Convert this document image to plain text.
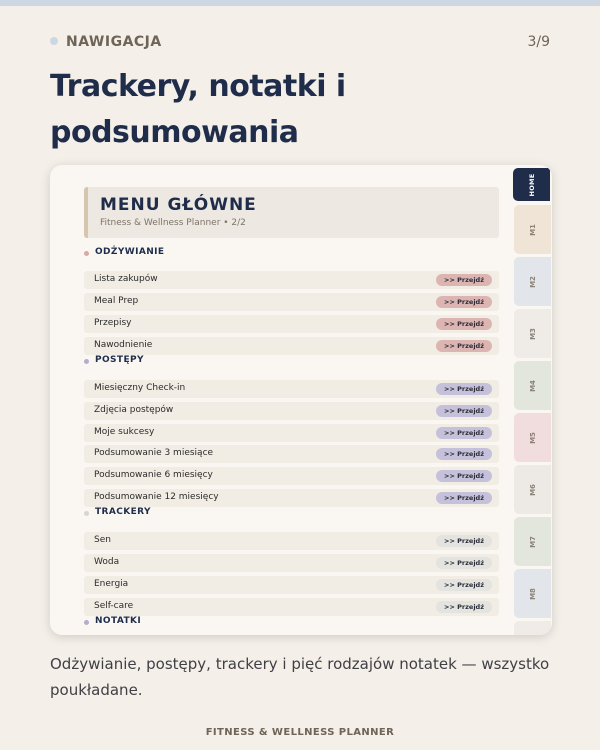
NAWIGACJA	3/9
Trackery, notatki i podsumowania
MENU GŁÓWNE
Fitness & Wellness Planner • 2/2
ODŻYWIANIE
Lista zakupów	>> Przejdź
Meal Prep	>> Przejdź
Przepisy	>> Przejdź
Nawodnienie	>> Przejdź
POSTĘPY
Miesięczny Check-in	>> Przejdź
Zdjęcia postępów	>> Przejdź
Moje sukcesy	>> Przejdź
Podsumowanie 3 miesiące	>> Przejdź
Podsumowanie 6 miesięcy	>> Przejdź
Podsumowanie 12 miesięcy	>> Przejdź
TRACKERY
Sen	>> Przejdź
Woda	>> Przejdź
Energia	>> Przejdź
Self-care	>> Przejdź
NOTATKI
HOME
M1
M2
M3
M4
M5
M6
M7
M8
Odżywianie, postępy, trackery i pięć rodzajów notatek — wszystko poukładane.
FITNESS & WELLNESS PLANNER
